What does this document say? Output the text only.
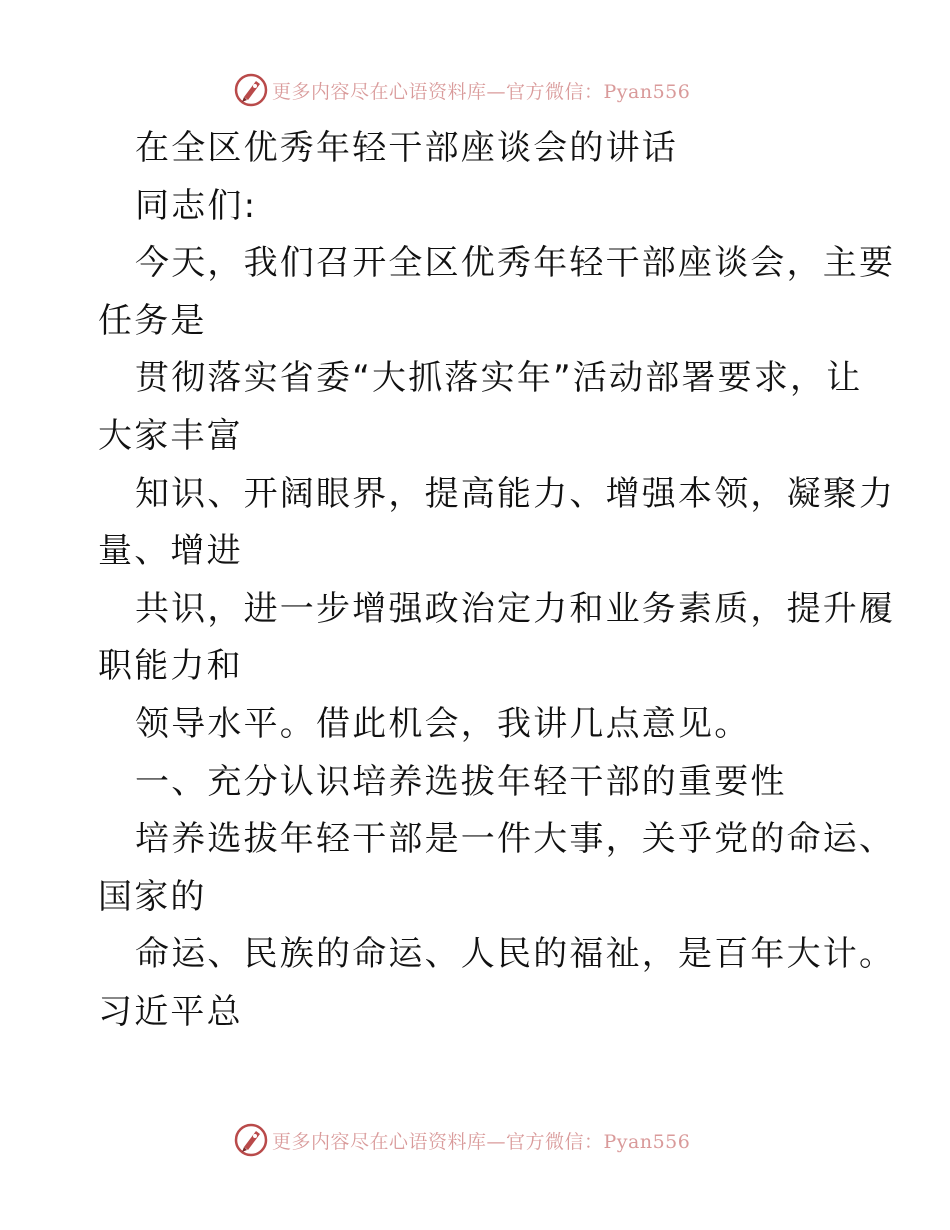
更多内容尽在心语资料库—官方微信：Pyan556
在全区优秀年轻干部座谈会的讲话
同志们:
今天，我们召开全区优秀年轻干部座谈会，主要
任务是
贯彻落实省委“大抓落实年”活动部署要求，让
大家丰富
知识、开阔眼界，提高能力、增强本领，凝聚力
量、增进
共识，进一步增强政治定力和业务素质，提升履
职能力和
领导水平。借此机会，我讲几点意见。
一、充分认识培养选拔年轻干部的重要性
培养选拔年轻干部是一件大事，关乎党的命运、
国家的
命运、民族的命运、人民的福祉，是百年大计。
习近平总
更多内容尽在心语资料库—官方微信：Pyan556
